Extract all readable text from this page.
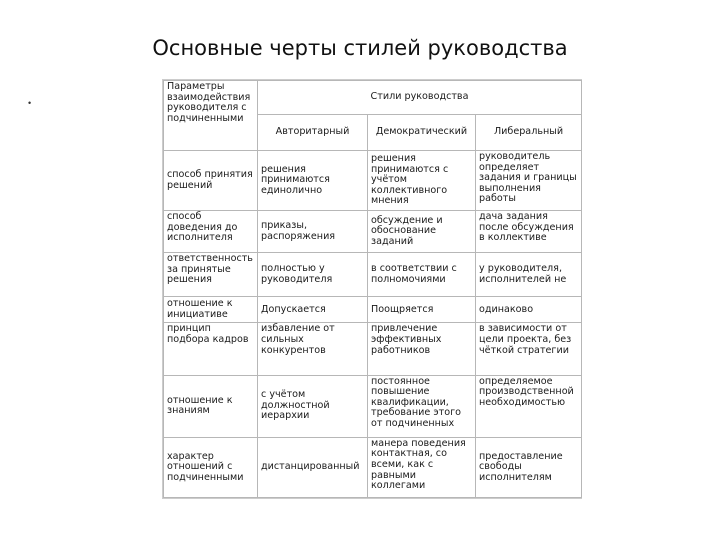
Основные черты стилей руководства
•
Параметры взаимодействия руководителя с подчиненными	Стили руководства		
	Авторитарный	Демократический	Либеральный
способ принятия решений	решения принимаются единолично	решения принимаются с учётом коллективного мнения	руководитель определяет задания и границы выполнения работы
способ доведения до исполнителя	приказы, распоряжения	обсуждение и обоснование заданий	дача задания после обсуждения в коллективе
ответственность за принятые решения	полностью у руководителя	в соответствии с полномочиями	у руководителя, исполнителей не
отношение к инициативе	Допускается	Поощряется	одинаково
принцип подбора кадров	избавление от сильных конкурентов	привлечение эффективных работников	в зависимости от цели проекта, без чёткой стратегии
отношение к знаниям	с учётом должностной иерархии	постоянное повышение квалификации, требование этого от подчиненных	определяемое производственной необходимостью
характер отношений с подчиненными	дистанцированный	манера поведения контактная, со всеми, как с равными коллегами	предоставление свободы исполнителям
